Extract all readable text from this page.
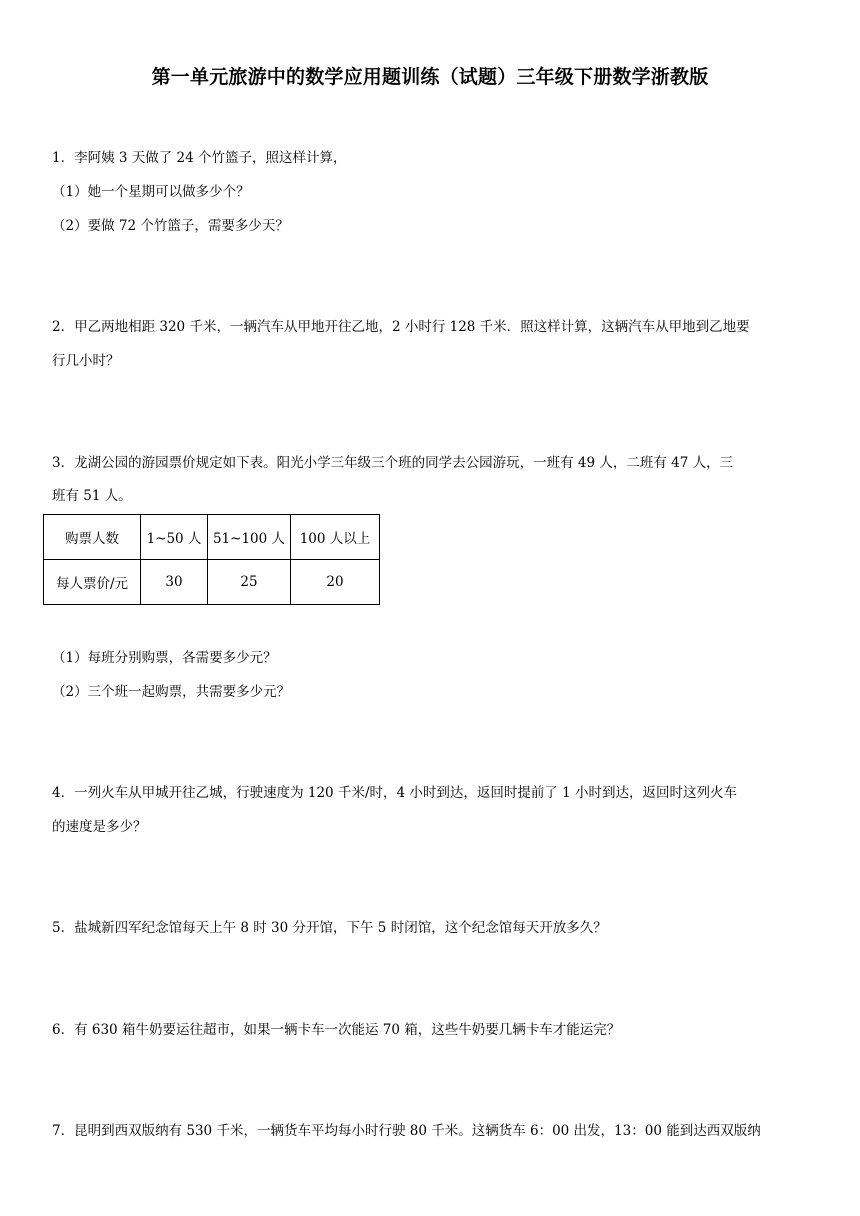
第一单元旅游中的数学应用题训练（试题）三年级下册数学浙教版
1．李阿姨 3 天做了 24 个竹篮子，照这样计算，
（1）她一个星期可以做多少个？
（2）要做 72 个竹篮子，需要多少天？
2．甲乙两地相距 320 千米，一辆汽车从甲地开往乙地，2 小时行 128 千米．照这样计算，这辆汽车从甲地到乙地要
行几小时？
3．龙湖公园的游园票价规定如下表。阳光小学三年级三个班的同学去公园游玩，一班有 49 人，二班有 47 人，三
班有 51 人。
购票人数	1~50 人	51~100 人	100 人以上
每人票价/元	30	25	20
（1）每班分别购票，各需要多少元？
（2）三个班一起购票，共需要多少元？
4．一列火车从甲城开往乙城，行驶速度为 120 千米/时，4 小时到达，返回时提前了 1 小时到达，返回时这列火车
的速度是多少？
5．盐城新四军纪念馆每天上午 8 时 30 分开馆，下午 5 时闭馆，这个纪念馆每天开放多久？
6．有 630 箱牛奶要运往超市，如果一辆卡车一次能运 70 箱，这些牛奶要几辆卡车才能运完？
7．昆明到西双版纳有 530 千米，一辆货车平均每小时行驶 80 千米。这辆货车 6：00 出发，13：00 能到达西双版纳
